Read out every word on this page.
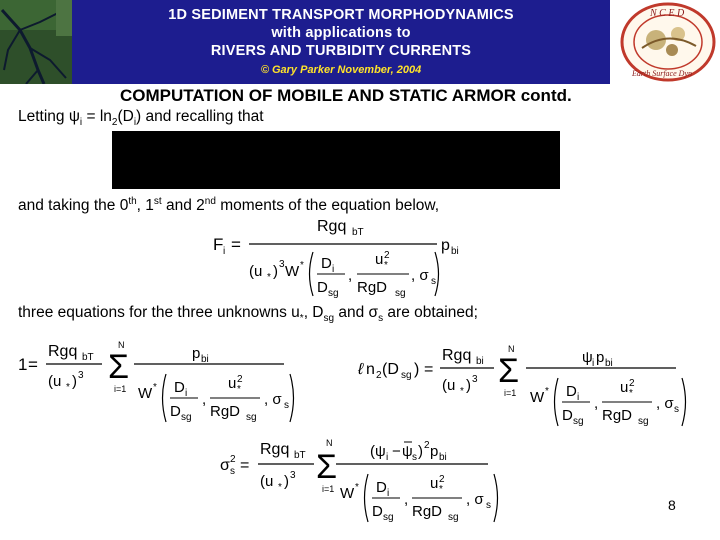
1D SEDIMENT TRANSPORT MORPHODYNAMICS
with applications to
RIVERS AND TURBIDITY CURRENTS
© Gary Parker November, 2004
N C E D
Earth Surface Dyn
COMPUTATION OF MOBILE AND STATIC ARMOR contd.
Letting $\psi_i = \ln_2(D_i)$ and recalling that
and taking the 0th, 1st and 2nd moments of the equation below,
F i =
Rgq bT
p bi
(u * ) 3 W * D i
D sg
,
u 2
*
RgD sg
, σ s
three equations for the three unknowns $u_*$, $D_{sg}$ and $\sigma_s$ are obtained;
1 =
Rgq bT
(u * ) 3
N
Σ
i=1
p bi
W * D i
D sg
,
u 2
*
RgD sg
, σ s
ℓ n 2 (D sg ) =
Rgq bi
(u * ) 3
N
Σ
i=1
ψ i p bi
W * D i
D sg
,
u 2
*
RgD sg
, σ s
σ s
2 =
Rgq bT
(u * ) 3
N
Σ
i=1
(ψ i − ψ s ) 2 p bi
W * D i
D sg
,
u 2
*
RgD sg
, σ s	8
